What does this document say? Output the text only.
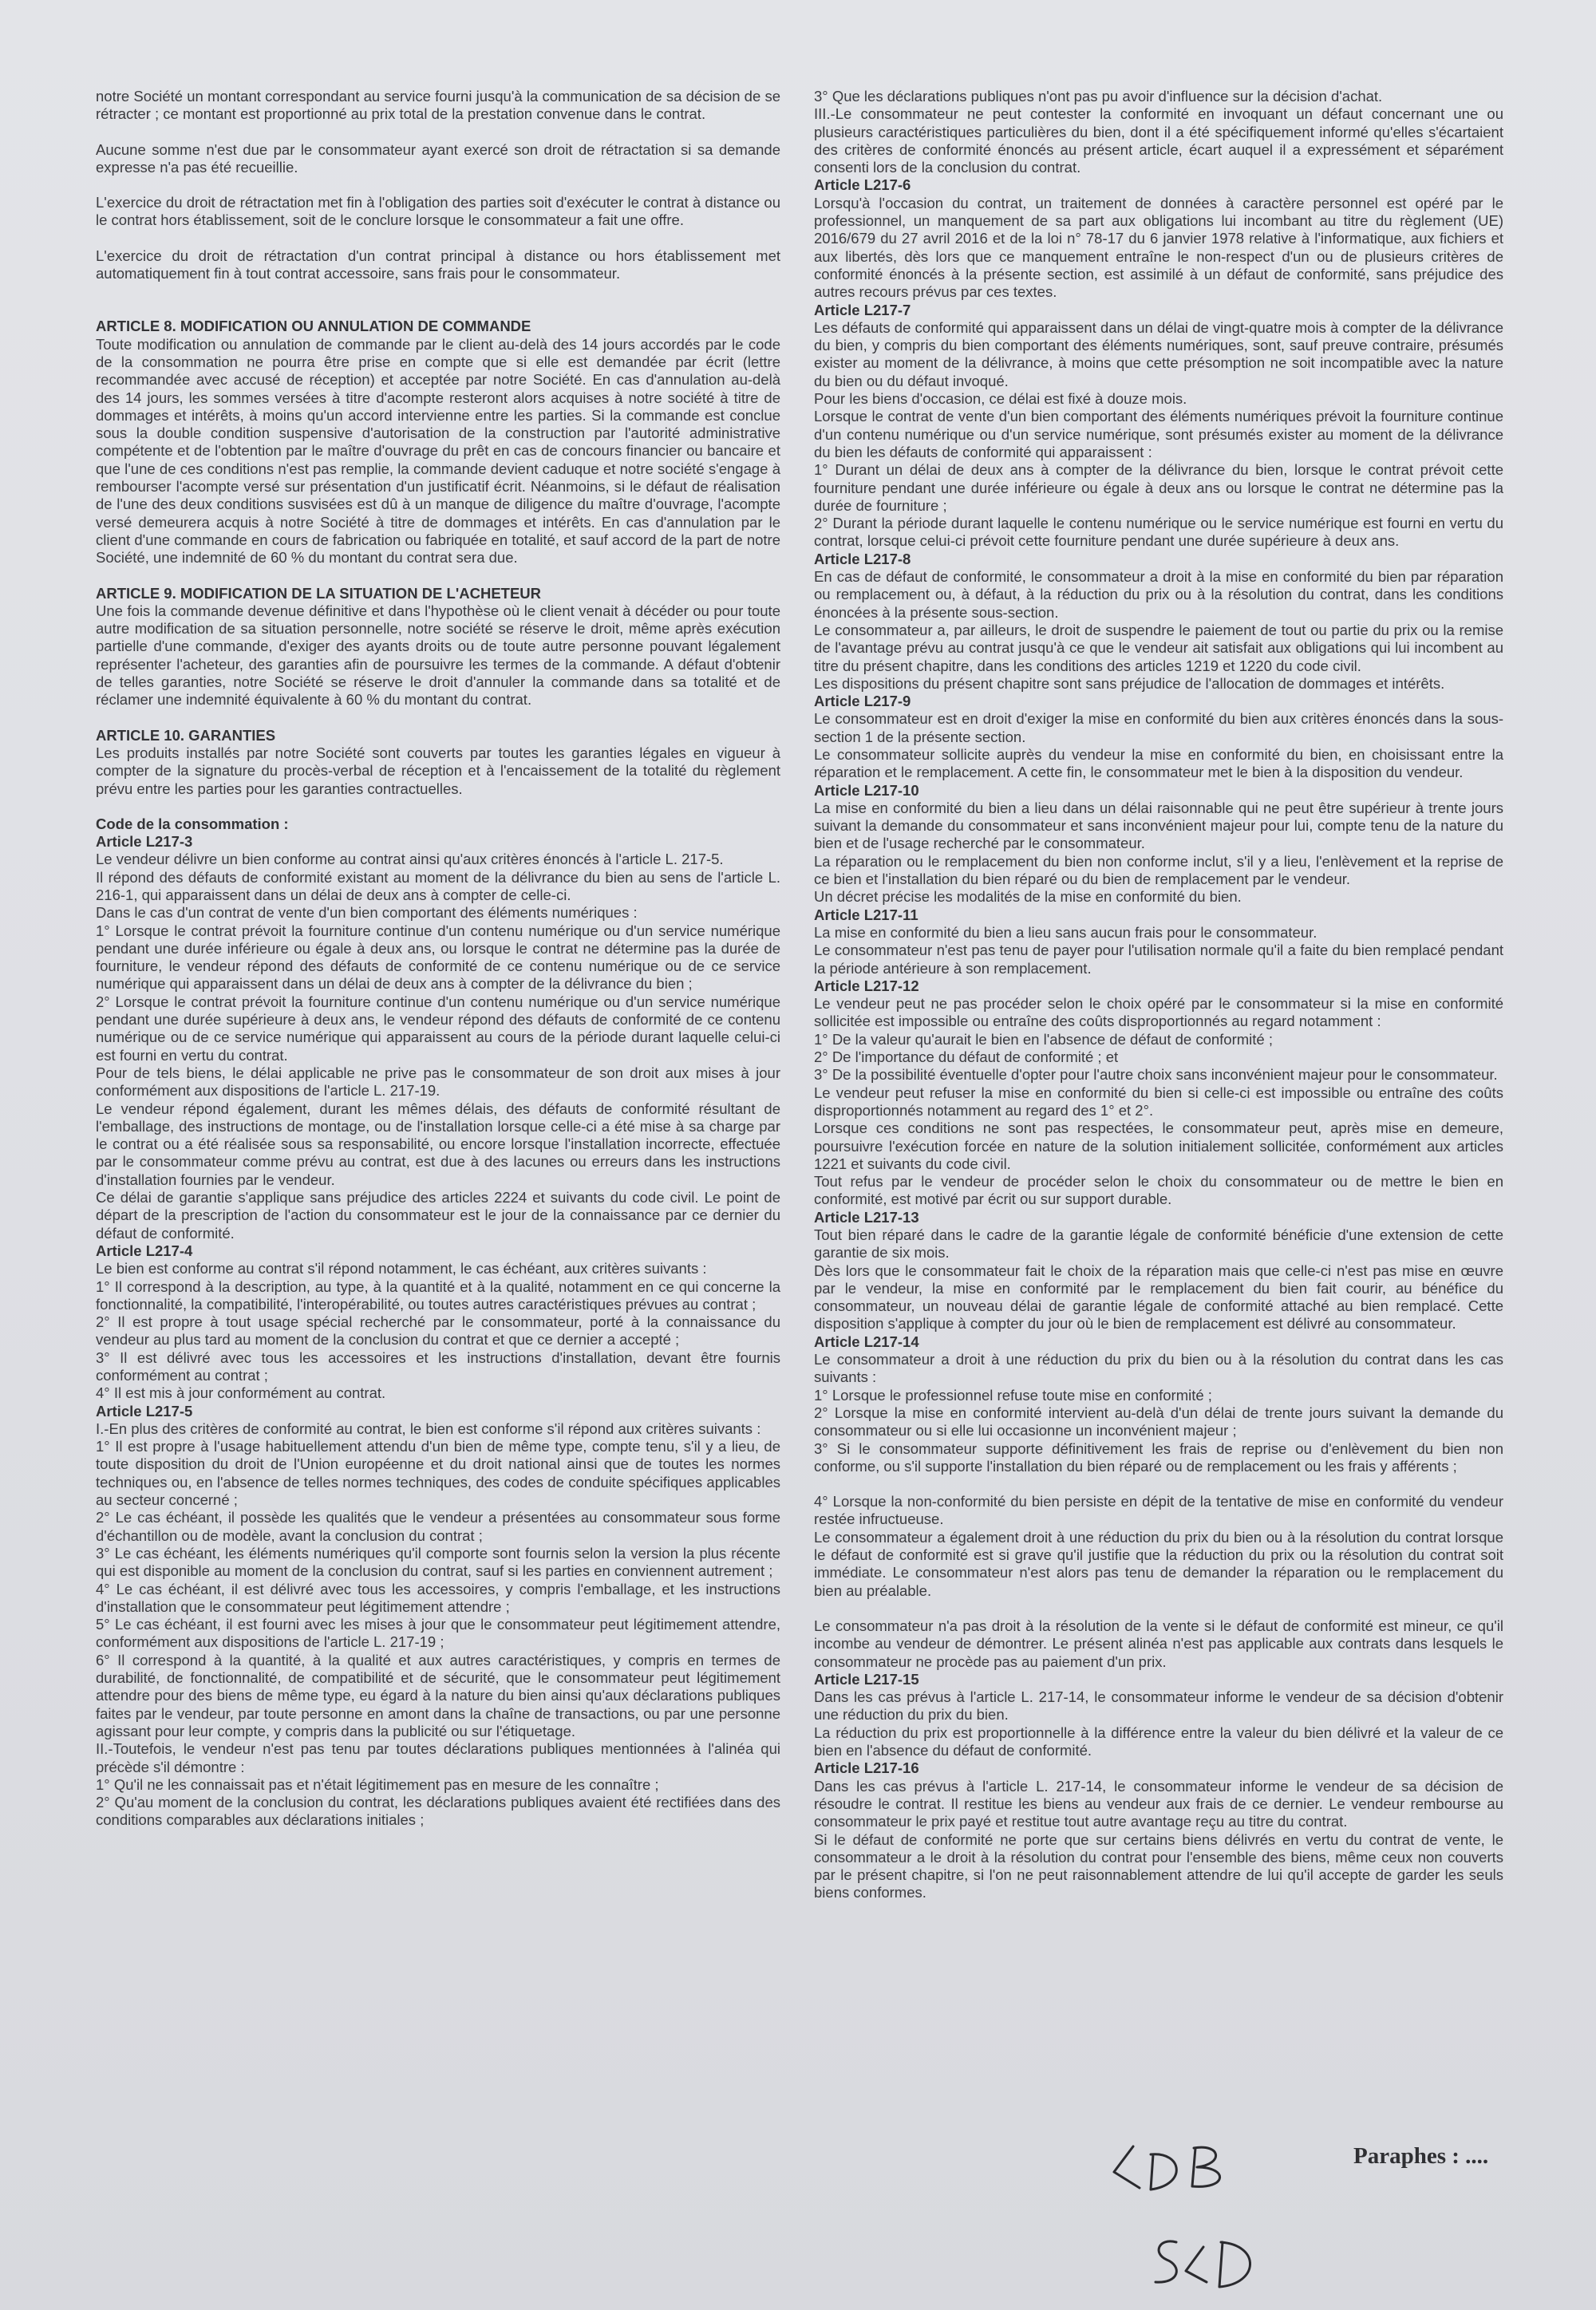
notre Société un montant correspondant au service fourni jusqu'à la communication de sa décision de se rétracter ; ce montant est proportionné au prix total de la prestation convenue dans le contrat.

Aucune somme n'est due par le consommateur ayant exercé son droit de rétractation si sa demande expresse n'a pas été recueillie.

L'exercice du droit de rétractation met fin à l'obligation des parties soit d'exécuter le contrat à distance ou le contrat hors établissement, soit de le conclure lorsque le consommateur a fait une offre.

L'exercice du droit de rétractation d'un contrat principal à distance ou hors établissement met automatiquement fin à tout contrat accessoire, sans frais pour le consommateur.

ARTICLE 8. MODIFICATION OU ANNULATION DE COMMANDE

Toute modification ou annulation de commande par le client au-delà des 14 jours accordés par le code de la consommation ne pourra être prise en compte que si elle est demandée par écrit (lettre recommandée avec accusé de réception) et acceptée par notre Société. En cas d'annulation au-delà des 14 jours, les sommes versées à titre d'acompte resteront alors acquises à notre société à titre de dommages et intérêts, à moins qu'un accord intervienne entre les parties. Si la commande est conclue sous la double condition suspensive d'autorisation de la construction par l'autorité administrative compétente et de l'obtention par le maître d'ouvrage du prêt en cas de concours financier ou bancaire et que l'une de ces conditions n'est pas remplie, la commande devient caduque et notre société s'engage à rembourser l'acompte versé sur présentation d'un justificatif écrit. Néanmoins, si le défaut de réalisation de l'une des deux conditions susvisées est dû à un manque de diligence du maître d'ouvrage, l'acompte versé demeurera acquis à notre Société à titre de dommages et intérêts. En cas d'annulation par le client d'une commande en cours de fabrication ou fabriquée en totalité, et sauf accord de la part de notre Société, une indemnité de 60 % du montant du contrat sera due.

ARTICLE 9. MODIFICATION DE LA SITUATION DE L'ACHETEUR

Une fois la commande devenue définitive et dans l'hypothèse où le client venait à décéder ou pour toute autre modification de sa situation personnelle, notre société se réserve le droit, même après exécution partielle d'une commande, d'exiger des ayants droits ou de toute autre personne pouvant légalement représenter l'acheteur, des garanties afin de poursuivre les termes de la commande. A défaut d'obtenir de telles garanties, notre Société se réserve le droit d'annuler la commande dans sa totalité et de réclamer une indemnité équivalente à 60 % du montant du contrat.

ARTICLE 10. GARANTIES

Les produits installés par notre Société sont couverts par toutes les garanties légales en vigueur à compter de la signature du procès-verbal de réception et à l'encaissement de la totalité du règlement prévu entre les parties pour les garanties contractuelles.

Code de la consommation :

Article L217-3

Le vendeur délivre un bien conforme au contrat ainsi qu'aux critères énoncés à l'article L. 217-5.

Il répond des défauts de conformité existant au moment de la délivrance du bien au sens de l'article L. 216-1, qui apparaissent dans un délai de deux ans à compter de celle-ci.

Dans le cas d'un contrat de vente d'un bien comportant des éléments numériques :

1° Lorsque le contrat prévoit la fourniture continue d'un contenu numérique ou d'un service numérique pendant une durée inférieure ou égale à deux ans, ou lorsque le contrat ne détermine pas la durée de fourniture, le vendeur répond des défauts de conformité de ce contenu numérique ou de ce service numérique qui apparaissent dans un délai de deux ans à compter de la délivrance du bien ;

2° Lorsque le contrat prévoit la fourniture continue d'un contenu numérique ou d'un service numérique pendant une durée supérieure à deux ans, le vendeur répond des défauts de conformité de ce contenu numérique ou de ce service numérique qui apparaissent au cours de la période durant laquelle celui-ci est fourni en vertu du contrat.

Pour de tels biens, le délai applicable ne prive pas le consommateur de son droit aux mises à jour conformément aux dispositions de l'article L. 217-19.

Le vendeur répond également, durant les mêmes délais, des défauts de conformité résultant de l'emballage, des instructions de montage, ou de l'installation lorsque celle-ci a été mise à sa charge par le contrat ou a été réalisée sous sa responsabilité, ou encore lorsque l'installation incorrecte, effectuée par le consommateur comme prévu au contrat, est due à des lacunes ou erreurs dans les instructions d'installation fournies par le vendeur.

Ce délai de garantie s'applique sans préjudice des articles 2224 et suivants du code civil. Le point de départ de la prescription de l'action du consommateur est le jour de la connaissance par ce dernier du défaut de conformité.

Article L217-4

Le bien est conforme au contrat s'il répond notamment, le cas échéant, aux critères suivants :

1° Il correspond à la description, au type, à la quantité et à la qualité, notamment en ce qui concerne la fonctionnalité, la compatibilité, l'interopérabilité, ou toutes autres caractéristiques prévues au contrat ;

2° Il est propre à tout usage spécial recherché par le consommateur, porté à la connaissance du vendeur au plus tard au moment de la conclusion du contrat et que ce dernier a accepté ;

3° Il est délivré avec tous les accessoires et les instructions d'installation, devant être fournis conformément au contrat ;

4° Il est mis à jour conformément au contrat.

Article L217-5

I.-En plus des critères de conformité au contrat, le bien est conforme s'il répond aux critères suivants :

1° Il est propre à l'usage habituellement attendu d'un bien de même type, compte tenu, s'il y a lieu, de toute disposition du droit de l'Union européenne et du droit national ainsi que de toutes les normes techniques ou, en l'absence de telles normes techniques, des codes de conduite spécifiques applicables au secteur concerné ;

2° Le cas échéant, il possède les qualités que le vendeur a présentées au consommateur sous forme d'échantillon ou de modèle, avant la conclusion du contrat ;

3° Le cas échéant, les éléments numériques qu'il comporte sont fournis selon la version la plus récente qui est disponible au moment de la conclusion du contrat, sauf si les parties en conviennent autrement ;

4° Le cas échéant, il est délivré avec tous les accessoires, y compris l'emballage, et les instructions d'installation que le consommateur peut légitimement attendre ;

5° Le cas échéant, il est fourni avec les mises à jour que le consommateur peut légitimement attendre, conformément aux dispositions de l'article L. 217-19 ;

6° Il correspond à la quantité, à la qualité et aux autres caractéristiques, y compris en termes de durabilité, de fonctionnalité, de compatibilité et de sécurité, que le consommateur peut légitimement attendre pour des biens de même type, eu égard à la nature du bien ainsi qu'aux déclarations publiques faites par le vendeur, par toute personne en amont dans la chaîne de transactions, ou par une personne agissant pour leur compte, y compris dans la publicité ou sur l'étiquetage.

II.-Toutefois, le vendeur n'est pas tenu par toutes déclarations publiques mentionnées à l'alinéa qui précède s'il démontre :

1° Qu'il ne les connaissait pas et n'était légitimement pas en mesure de les connaître ;

2° Qu'au moment de la conclusion du contrat, les déclarations publiques avaient été rectifiées dans des conditions comparables aux déclarations initiales ;

3° Que les déclarations publiques n'ont pas pu avoir d'influence sur la décision d'achat.

III.-Le consommateur ne peut contester la conformité en invoquant un défaut concernant une ou plusieurs caractéristiques particulières du bien, dont il a été spécifiquement informé qu'elles s'écartaient des critères de conformité énoncés au présent article, écart auquel il a expressément et séparément consenti lors de la conclusion du contrat.

Article L217-6

Lorsqu'à l'occasion du contrat, un traitement de données à caractère personnel est opéré par le professionnel, un manquement de sa part aux obligations lui incombant au titre du règlement (UE) 2016/679 du 27 avril 2016 et de la loi n° 78-17 du 6 janvier 1978 relative à l'informatique, aux fichiers et aux libertés, dès lors que ce manquement entraîne le non-respect d'un ou de plusieurs critères de conformité énoncés à la présente section, est assimilé à un défaut de conformité, sans préjudice des autres recours prévus par ces textes.

Article L217-7

Les défauts de conformité qui apparaissent dans un délai de vingt-quatre mois à compter de la délivrance du bien, y compris du bien comportant des éléments numériques, sont, sauf preuve contraire, présumés exister au moment de la délivrance, à moins que cette présomption ne soit incompatible avec la nature du bien ou du défaut invoqué.

Pour les biens d'occasion, ce délai est fixé à douze mois.

Lorsque le contrat de vente d'un bien comportant des éléments numériques prévoit la fourniture continue d'un contenu numérique ou d'un service numérique, sont présumés exister au moment de la délivrance du bien les défauts de conformité qui apparaissent :

1° Durant un délai de deux ans à compter de la délivrance du bien, lorsque le contrat prévoit cette fourniture pendant une durée inférieure ou égale à deux ans ou lorsque le contrat ne détermine pas la durée de fourniture ;

2° Durant la période durant laquelle le contenu numérique ou le service numérique est fourni en vertu du contrat, lorsque celui-ci prévoit cette fourniture pendant une durée supérieure à deux ans.

Article L217-8

En cas de défaut de conformité, le consommateur a droit à la mise en conformité du bien par réparation ou remplacement ou, à défaut, à la réduction du prix ou à la résolution du contrat, dans les conditions énoncées à la présente sous-section.

Le consommateur a, par ailleurs, le droit de suspendre le paiement de tout ou partie du prix ou la remise de l'avantage prévu au contrat jusqu'à ce que le vendeur ait satisfait aux obligations qui lui incombent au titre du présent chapitre, dans les conditions des articles 1219 et 1220 du code civil.

Les dispositions du présent chapitre sont sans préjudice de l'allocation de dommages et intérêts.

Article L217-9

Le consommateur est en droit d'exiger la mise en conformité du bien aux critères énoncés dans la sous-section 1 de la présente section.

Le consommateur sollicite auprès du vendeur la mise en conformité du bien, en choisissant entre la réparation et le remplacement. A cette fin, le consommateur met le bien à la disposition du vendeur.

Article L217-10

La mise en conformité du bien a lieu dans un délai raisonnable qui ne peut être supérieur à trente jours suivant la demande du consommateur et sans inconvénient majeur pour lui, compte tenu de la nature du bien et de l'usage recherché par le consommateur.

La réparation ou le remplacement du bien non conforme inclut, s'il y a lieu, l'enlèvement et la reprise de ce bien et l'installation du bien réparé ou du bien de remplacement par le vendeur.

Un décret précise les modalités de la mise en conformité du bien.

Article L217-11

La mise en conformité du bien a lieu sans aucun frais pour le consommateur.

Le consommateur n'est pas tenu de payer pour l'utilisation normale qu'il a faite du bien remplacé pendant la période antérieure à son remplacement.

Article L217-12

Le vendeur peut ne pas procéder selon le choix opéré par le consommateur si la mise en conformité sollicitée est impossible ou entraîne des coûts disproportionnés au regard notamment :

1° De la valeur qu'aurait le bien en l'absence de défaut de conformité ;

2° De l'importance du défaut de conformité ; et

3° De la possibilité éventuelle d'opter pour l'autre choix sans inconvénient majeur pour le consommateur.

Le vendeur peut refuser la mise en conformité du bien si celle-ci est impossible ou entraîne des coûts disproportionnés notamment au regard des 1° et 2°.

Lorsque ces conditions ne sont pas respectées, le consommateur peut, après mise en demeure, poursuivre l'exécution forcée en nature de la solution initialement sollicitée, conformément aux articles 1221 et suivants du code civil.

Tout refus par le vendeur de procéder selon le choix du consommateur ou de mettre le bien en conformité, est motivé par écrit ou sur support durable.

Article L217-13

Tout bien réparé dans le cadre de la garantie légale de conformité bénéficie d'une extension de cette garantie de six mois.

Dès lors que le consommateur fait le choix de la réparation mais que celle-ci n'est pas mise en œuvre par le vendeur, la mise en conformité par le remplacement du bien fait courir, au bénéfice du consommateur, un nouveau délai de garantie légale de conformité attaché au bien remplacé. Cette disposition s'applique à compter du jour où le bien de remplacement est délivré au consommateur.

Article L217-14

Le consommateur a droit à une réduction du prix du bien ou à la résolution du contrat dans les cas suivants :

1° Lorsque le professionnel refuse toute mise en conformité ;

2° Lorsque la mise en conformité intervient au-delà d'un délai de trente jours suivant la demande du consommateur ou si elle lui occasionne un inconvénient majeur ;

3° Si le consommateur supporte définitivement les frais de reprise ou d'enlèvement du bien non conforme, ou s'il supporte l'installation du bien réparé ou de remplacement ou les frais y afférents ;

4° Lorsque la non-conformité du bien persiste en dépit de la tentative de mise en conformité du vendeur restée infructueuse.

Le consommateur a également droit à une réduction du prix du bien ou à la résolution du contrat lorsque le défaut de conformité est si grave qu'il justifie que la réduction du prix ou la résolution du contrat soit immédiate. Le consommateur n'est alors pas tenu de demander la réparation ou le remplacement du bien au préalable.

Le consommateur n'a pas droit à la résolution de la vente si le défaut de conformité est mineur, ce qu'il incombe au vendeur de démontrer. Le présent alinéa n'est pas applicable aux contrats dans lesquels le consommateur ne procède pas au paiement d'un prix.

Article L217-15

Dans les cas prévus à l'article L. 217-14, le consommateur informe le vendeur de sa décision d'obtenir une réduction du prix du bien.

La réduction du prix est proportionnelle à la différence entre la valeur du bien délivré et la valeur de ce bien en l'absence du défaut de conformité.

Article L217-16

Dans les cas prévus à l'article L. 217-14, le consommateur informe le vendeur de sa décision de résoudre le contrat. Il restitue les biens au vendeur aux frais de ce dernier. Le vendeur rembourse au consommateur le prix payé et restitue tout autre avantage reçu au titre du contrat.

Si le défaut de conformité ne porte que sur certains biens délivrés en vertu du contrat de vente, le consommateur a le droit à la résolution du contrat pour l'ensemble des biens, même ceux non couverts par le présent chapitre, si l'on ne peut raisonnablement attendre de lui qu'il accepte de garder les seuls biens conformes.

Paraphes : ....
